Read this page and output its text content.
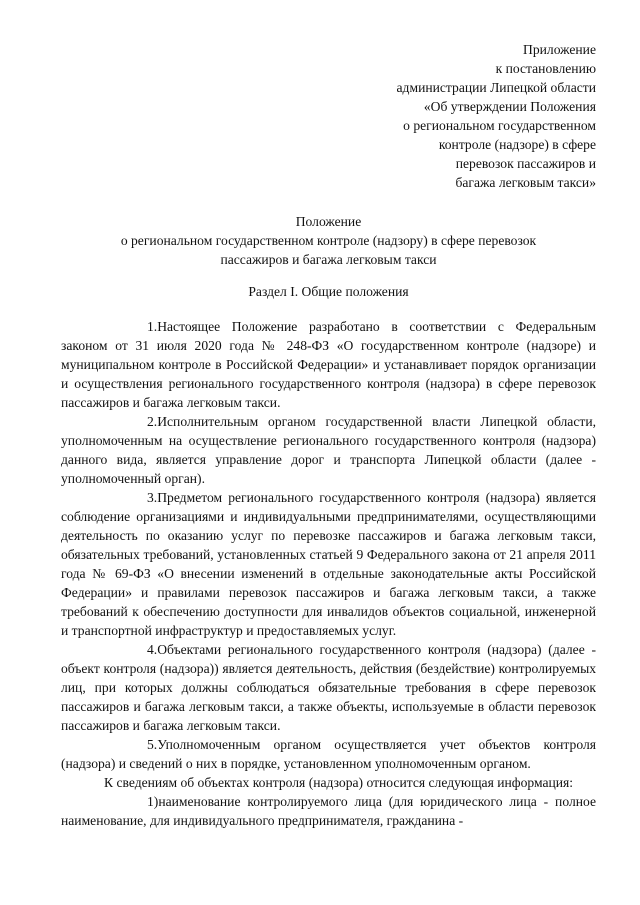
Приложение
к постановлению
администрации Липецкой области
«Об утверждении Положения
о региональном государственном
контроле (надзоре) в сфере
перевозок пассажиров и
багажа легковым такси»
Положение
о региональном государственном контроле (надзору) в сфере перевозок
пассажиров и багажа легковым такси
Раздел I. Общие положения

1.Настоящее Положение разработано в соответствии с Федеральным законом от 31 июля 2020 года № 248-ФЗ «О государственном контроле (надзоре) и муниципальном контроле в Российской Федерации» и устанавливает порядок организации и осуществления регионального государственного контроля (надзора) в сфере перевозок пассажиров и багажа легковым такси.

2.Исполнительным органом государственной власти Липецкой области, уполномоченным на осуществление регионального государственного контроля (надзора) данного вида, является управление дорог и транспорта Липецкой области (далее - уполномоченный орган).

3.Предметом регионального государственного контроля (надзора) является соблюдение организациями и индивидуальными предпринимателями, осуществляющими деятельность по оказанию услуг по перевозке пассажиров и багажа легковым такси, обязательных требований, установленных статьей 9 Федерального закона от 21 апреля 2011 года № 69-ФЗ «О внесении изменений в отдельные законодательные акты Российской Федерации» и правилами перевозок пассажиров и багажа легковым такси, а также требований к обеспечению доступности для инвалидов объектов социальной, инженерной и транспортной инфраструктур и предоставляемых услуг.

4.Объектами регионального государственного контроля (надзора) (далее - объект контроля (надзора)) является деятельность, действия (бездействие) контролируемых лиц, при которых должны соблюдаться обязательные требования в сфере перевозок пассажиров и багажа легковым такси, а также объекты, используемые в области перевозок пассажиров и багажа легковым такси.

5.Уполномоченным органом осуществляется учет объектов контроля (надзора) и сведений о них в порядке, установленном уполномоченным органом.

К сведениям об объектах контроля (надзора) относится следующая информация:

1)наименование контролируемого лица (для юридического лица - полное наименование, для индивидуального предпринимателя, гражданина -
